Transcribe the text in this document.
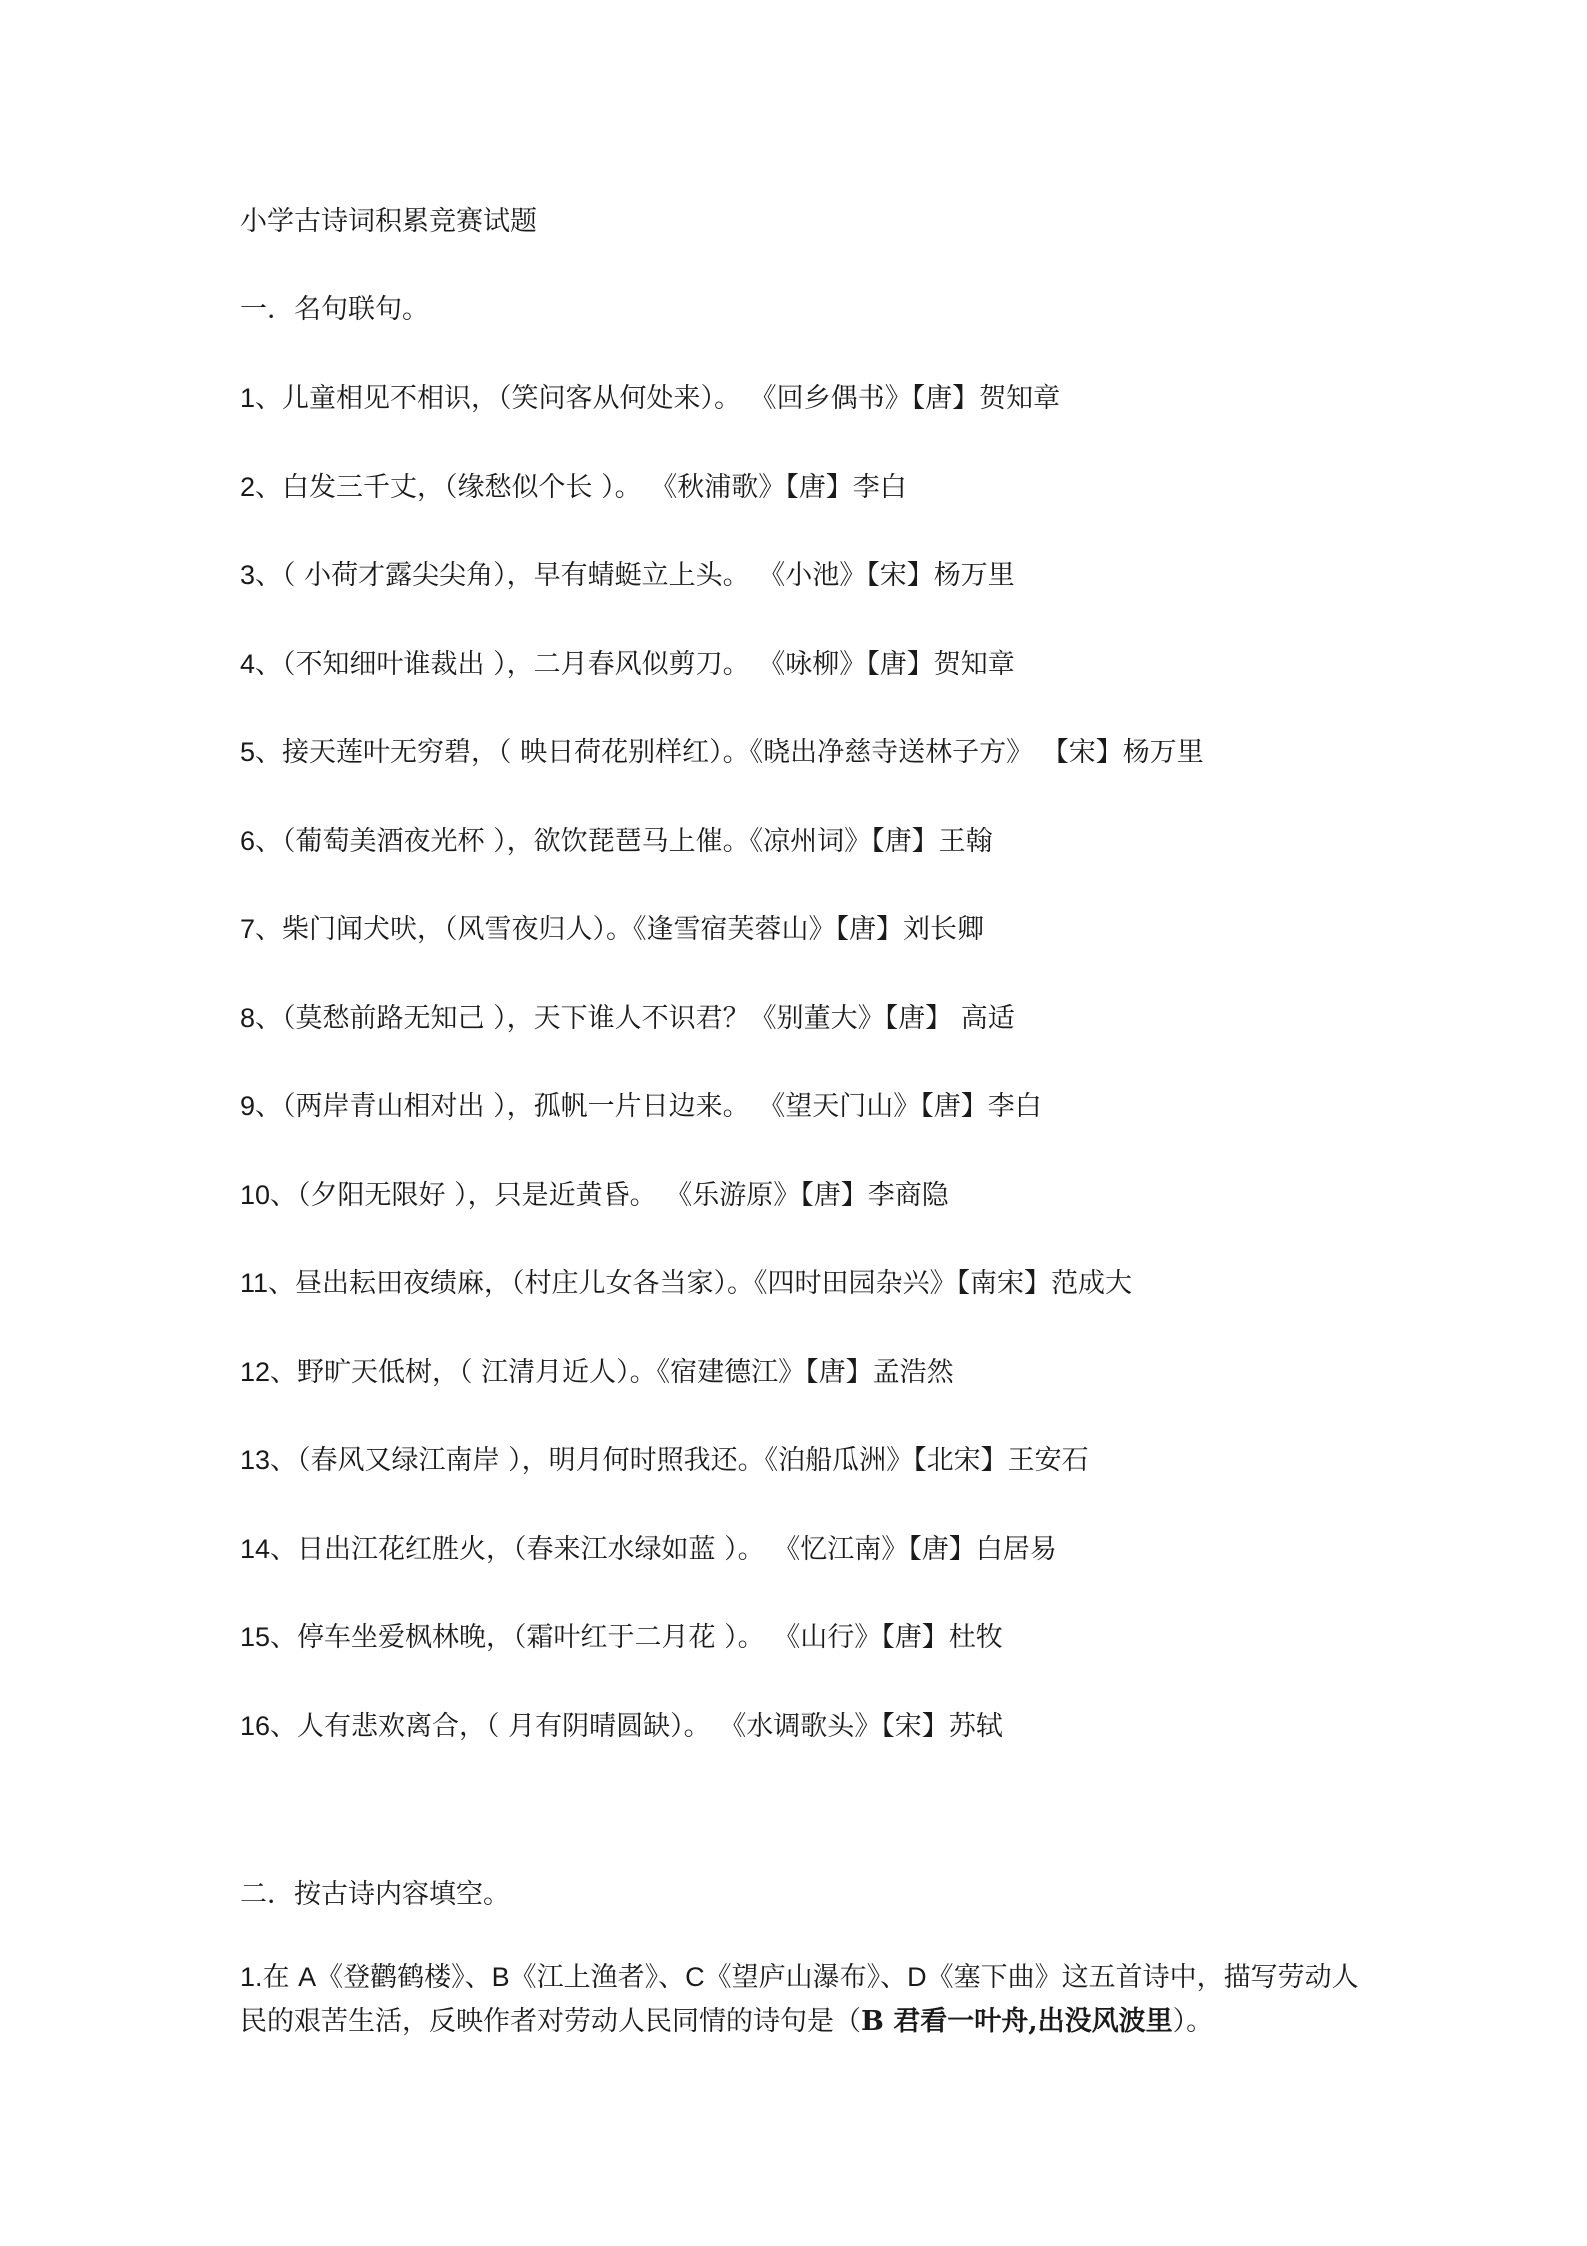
小学古诗词积累竞赛试题
一．名句联句。
1、儿童相见不相识，（笑问客从何处来）。 《回乡偶书》【唐】贺知章
2、白发三千丈，（缘愁似个长 ）。 《秋浦歌》【唐】李白
3、（ 小荷才露尖尖角），早有蜻蜓立上头。 《小池》【宋】杨万里
4、（不知细叶谁裁出 ），二月春风似剪刀。 《咏柳》【唐】贺知章
5、接天莲叶无穷碧，（ 映日荷花别样红）。《晓出净慈寺送林子方》 【宋】杨万里
6、（葡萄美酒夜光杯 ），欲饮琵琶马上催。《凉州词》【唐】王翰
7、柴门闻犬吠，（风雪夜归人）。《逢雪宿芙蓉山》【唐】刘长卿
8、（莫愁前路无知己 ），天下谁人不识君？《别董大》【唐】 高适
9、（两岸青山相对出 ），孤帆一片日边来。 《望天门山》【唐】李白
10、（夕阳无限好 ），只是近黄昏。 《乐游原》【唐】李商隐
11、昼出耘田夜绩麻，（村庄儿女各当家）。《四时田园杂兴》【南宋】范成大
12、野旷天低树，（ 江清月近人）。《宿建德江》【唐】孟浩然
13、（春风又绿江南岸 ），明月何时照我还。《泊船瓜洲》【北宋】王安石
14、日出江花红胜火，（春来江水绿如蓝 ）。 《忆江南》【唐】白居易
15、停车坐爱枫林晚，（霜叶红于二月花 ）。 《山行》【唐】杜牧
16、人有悲欢离合，（ 月有阴晴圆缺）。 《水调歌头》【宋】苏轼
二．按古诗内容填空。
1.在 A《登鹳鹤楼》、B《江上渔者》、C《望庐山瀑布》、D《塞下曲》这五首诗中，描写劳动人民的艰苦生活，反映作者对劳动人民同情的诗句是（B 君看一叶舟,出没风波里）。
